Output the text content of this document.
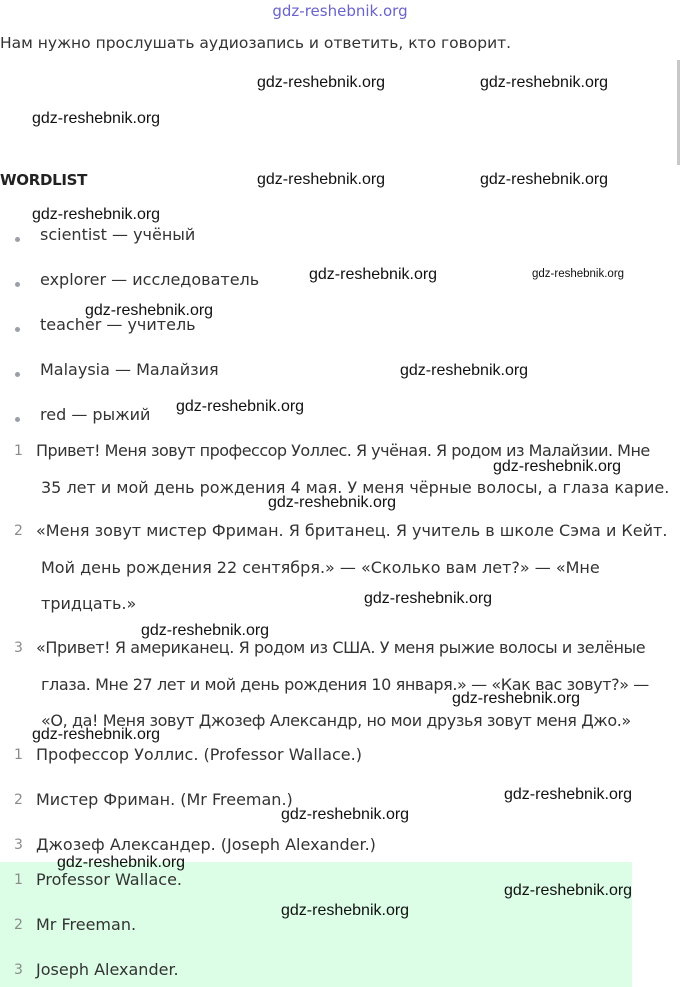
gdz-reshebnik.org
Нам нужно прослушать аудиозапись и ответить, кто говорит.
WORDLIST
scientist — учёный
explorer — исследователь
teacher — учитель
Malaysia — Малайзия
red — рыжий
1 Привет! Меня зовут профессор Уоллес. Я учёная. Я родом из Малайзии. Мне
35 лет и мой день рождения 4 мая. У меня чёрные волосы, а глаза карие.
2 «Меня зовут мистер Фриман. Я британец. Я учитель в школе Сэма и Кейт.
Мой день рождения 22 сентября.» — «Сколько вам лет?» — «Мне
тридцать.»
3 «Привет! Я американец. Я родом из США. У меня рыжие волосы и зелёные
глаза. Мне 27 лет и мой день рождения 10 января.» — «Как вас зовут?» —
«О, да! Меня зовут Джозеф Александр, но мои друзья зовут меня Джо.»
1 Профессор Уоллис. (Professor Wallace.)
2 Мистер Фриман. (Mr Freeman.)
3 Джозеф Александер. (Joseph Alexander.)
1 Professor Wallace.
2 Mr Freeman.
3 Joseph Alexander.
gdz-reshebnik.org	gdz-reshebnik.org
gdz-reshebnik.org
gdz-reshebnik.org	gdz-reshebnik.org
gdz-reshebnik.org
gdz-reshebnik.org	gdz-reshebnik.org
gdz-reshebnik.org
gdz-reshebnik.org
gdz-reshebnik.org
gdz-reshebnik.org
gdz-reshebnik.org
gdz-reshebnik.org
gdz-reshebnik.org
gdz-reshebnik.org
gdz-reshebnik.org
gdz-reshebnik.org
gdz-reshebnik.org
gdz-reshebnik.org
gdz-reshebnik.org
gdz-reshebnik.org
